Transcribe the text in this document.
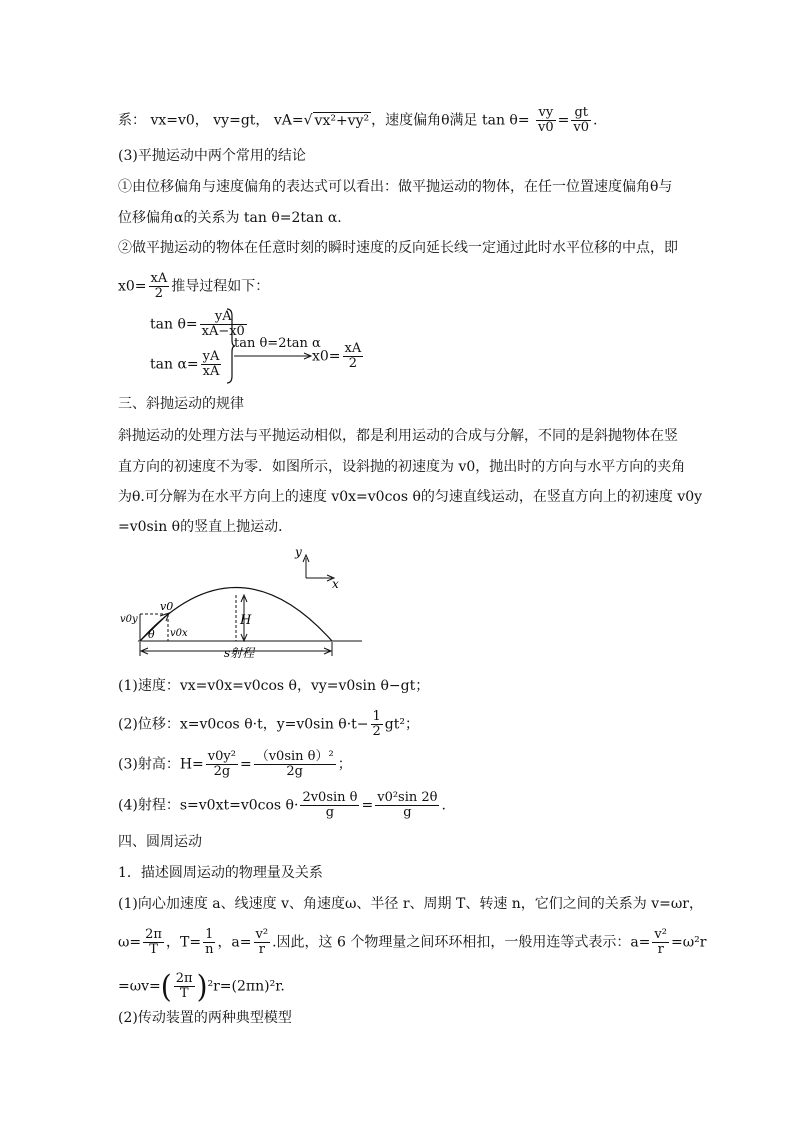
系： vx=v0， vy=gt， vA=√ vx²+vy² ，速度偏角θ满足 $\tan \theta= \frac{vy}{v0} = \frac{gt}{v0}$ .
(3)平抛运动中两个常用的结论
①由位移偏角与速度偏角的表达式可以看出：做平抛运动的物体，在任一位置速度偏角θ与
位移偏角α的关系为 tan θ=2tan α.
②做平抛运动的物体在任意时刻的瞬时速度的反向延长线一定通过此时水平位移的中点，即
$x0= \frac{xA}{2}$ 推导过程如下：
$\tan \theta= \frac{yA}{xA-x0}$
$\tan \alpha= \frac{yA}{xA}$
tan θ=2tan α
$x0= \frac{xA}{2}$
三、斜抛运动的规律
斜抛运动的处理方法与平抛运动相似，都是利用运动的合成与分解，不同的是斜抛物体在竖
直方向的初速度不为零．如图所示，设斜抛的初速度为 v0，抛出时的方向与水平方向的夹角
为θ.可分解为在水平方向上的速度 v0x=v0cos θ的匀速直线运动，在竖直方向上的初速度 v0y
=v0sin θ的竖直上抛运动．
y
x
H
v0
v0y
v0x
θ
s射程
(1)速度：vx=v0x=v0cos θ，vy=v0sin θ−gt；
(2)位移：x=v0cos θ·t，y=v0sin $\theta\cdot t- \frac{1}{2} gt^2$；
(3)射高：$H= \frac{\text{v0y²}}{2g} = \frac{\text{（v0sin θ）²}}{2g}$ ；
(4)射程：s=v0xt=v0cos $\theta\cdot \frac{\text{2v0sin θ}}{g} = \frac{\text{v0²sin 2θ}}{g}$ .
四、圆周运动
1．描述圆周运动的物理量及关系
(1)向心加速度 a、线速度 v、角速度ω、半径 r、周期 T、转速 n，它们之间的关系为 v=ωr，
$\omega= \frac{2\pi}{T}$ ，$T= \frac{1}{n}$ ，$a= \frac{\text{v²}}{r}$ .因此，这 6 个物理量之间环环相扣，一般用连等式表示：$a= \frac{\text{v²}}{r} =\omega^2r$
$=\omega v=( \frac{2\pi}{T} )^2r=(2\pi n)^2r$.
(2)传动装置的两种典型模型
